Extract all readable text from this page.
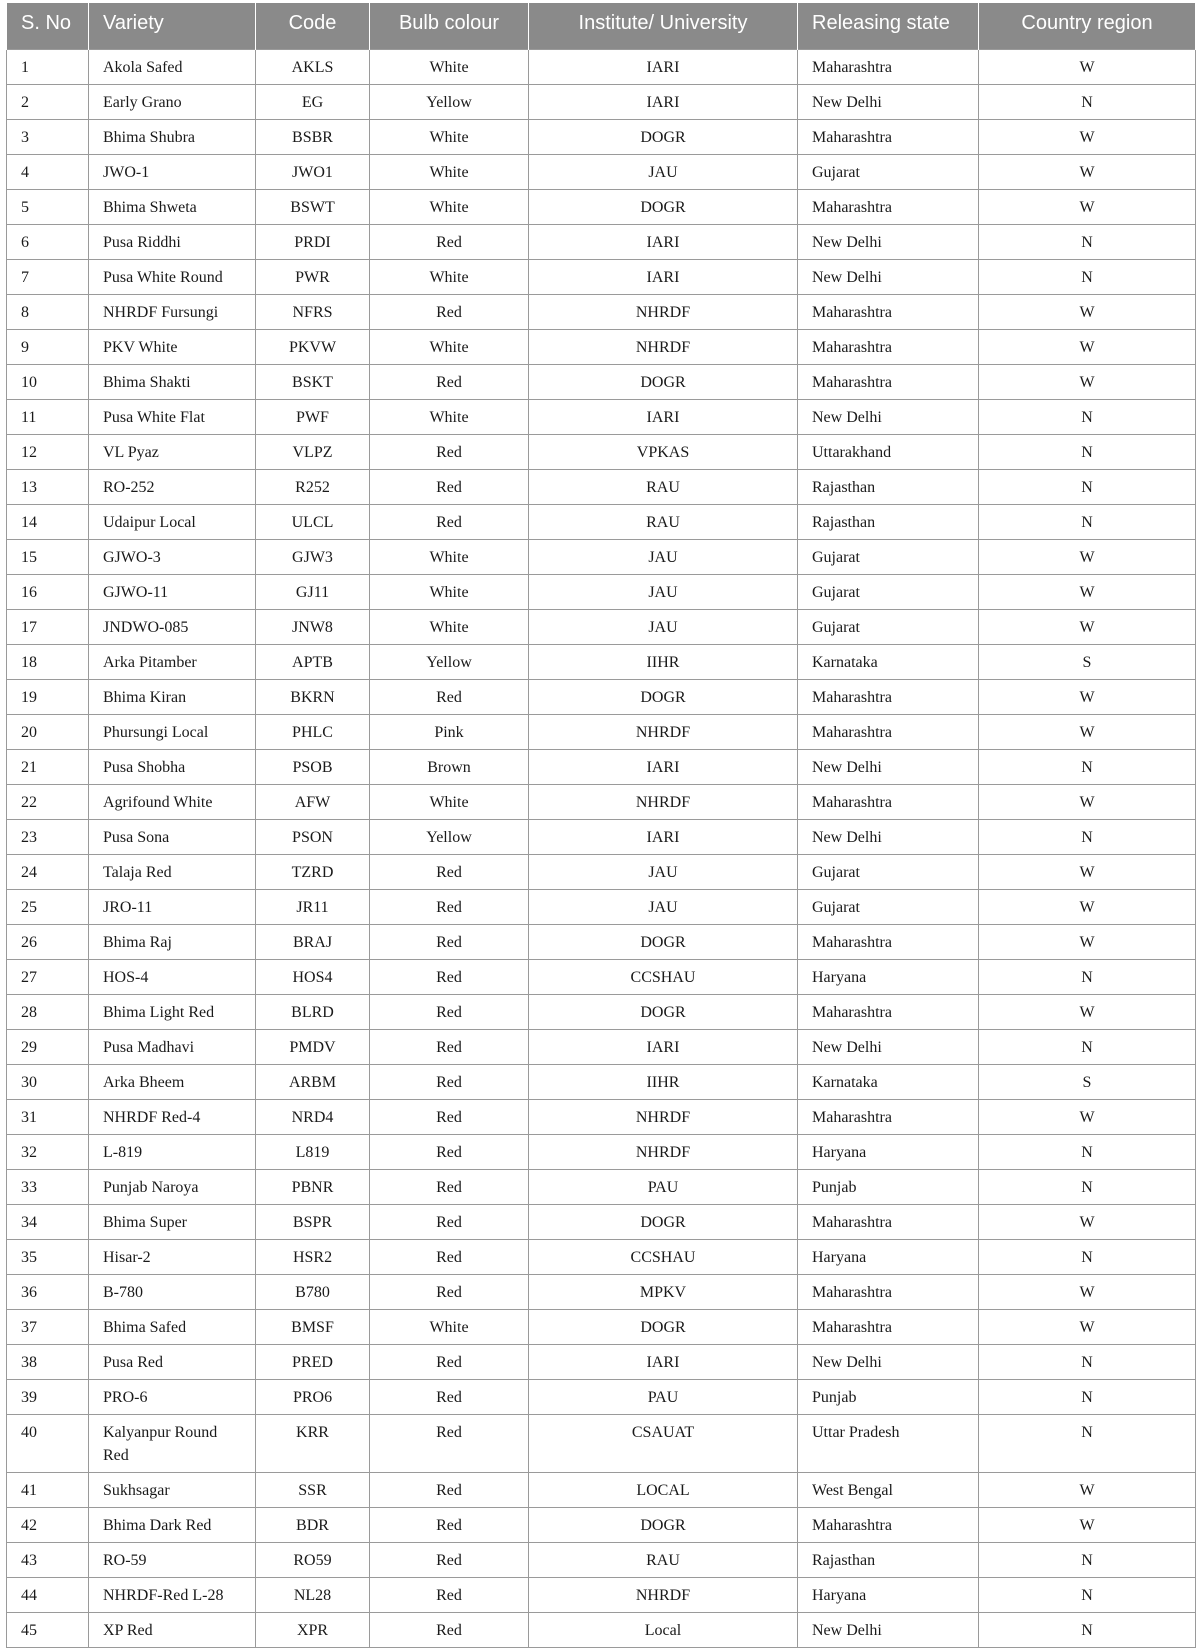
S. No	Variety	Code	Bulb colour	Institute/ University	Releasing state	Country region
1	Akola Safed	AKLS	White	IARI	Maharashtra	W
2	Early Grano	EG	Yellow	IARI	New Delhi	N
3	Bhima Shubra	BSBR	White	DOGR	Maharashtra	W
4	JWO-1	JWO1	White	JAU	Gujarat	W
5	Bhima Shweta	BSWT	White	DOGR	Maharashtra	W
6	Pusa Riddhi	PRDI	Red	IARI	New Delhi	N
7	Pusa White Round	PWR	White	IARI	New Delhi	N
8	NHRDF Fursungi	NFRS	Red	NHRDF	Maharashtra	W
9	PKV White	PKVW	White	NHRDF	Maharashtra	W
10	Bhima Shakti	BSKT	Red	DOGR	Maharashtra	W
11	Pusa White Flat	PWF	White	IARI	New Delhi	N
12	VL Pyaz	VLPZ	Red	VPKAS	Uttarakhand	N
13	RO-252	R252	Red	RAU	Rajasthan	N
14	Udaipur Local	ULCL	Red	RAU	Rajasthan	N
15	GJWO-3	GJW3	White	JAU	Gujarat	W
16	GJWO-11	GJ11	White	JAU	Gujarat	W
17	JNDWO-085	JNW8	White	JAU	Gujarat	W
18	Arka Pitamber	APTB	Yellow	IIHR	Karnataka	S
19	Bhima Kiran	BKRN	Red	DOGR	Maharashtra	W
20	Phursungi Local	PHLC	Pink	NHRDF	Maharashtra	W
21	Pusa Shobha	PSOB	Brown	IARI	New Delhi	N
22	Agrifound White	AFW	White	NHRDF	Maharashtra	W
23	Pusa Sona	PSON	Yellow	IARI	New Delhi	N
24	Talaja Red	TZRD	Red	JAU	Gujarat	W
25	JRO-11	JR11	Red	JAU	Gujarat	W
26	Bhima Raj	BRAJ	Red	DOGR	Maharashtra	W
27	HOS-4	HOS4	Red	CCSHAU	Haryana	N
28	Bhima Light Red	BLRD	Red	DOGR	Maharashtra	W
29	Pusa Madhavi	PMDV	Red	IARI	New Delhi	N
30	Arka Bheem	ARBM	Red	IIHR	Karnataka	S
31	NHRDF Red-4	NRD4	Red	NHRDF	Maharashtra	W
32	L-819	L819	Red	NHRDF	Haryana	N
33	Punjab Naroya	PBNR	Red	PAU	Punjab	N
34	Bhima Super	BSPR	Red	DOGR	Maharashtra	W
35	Hisar-2	HSR2	Red	CCSHAU	Haryana	N
36	B-780	B780	Red	MPKV	Maharashtra	W
37	Bhima Safed	BMSF	White	DOGR	Maharashtra	W
38	Pusa Red	PRED	Red	IARI	New Delhi	N
39	PRO-6	PRO6	Red	PAU	Punjab	N
40	Kalyanpur Round Red	KRR	Red	CSAUAT	Uttar Pradesh	N
41	Sukhsagar	SSR	Red	LOCAL	West Bengal	W
42	Bhima Dark Red	BDR	Red	DOGR	Maharashtra	W
43	RO-59	RO59	Red	RAU	Rajasthan	N
44	NHRDF-Red L-28	NL28	Red	NHRDF	Haryana	N
45	XP Red	XPR	Red	Local	New Delhi	N
